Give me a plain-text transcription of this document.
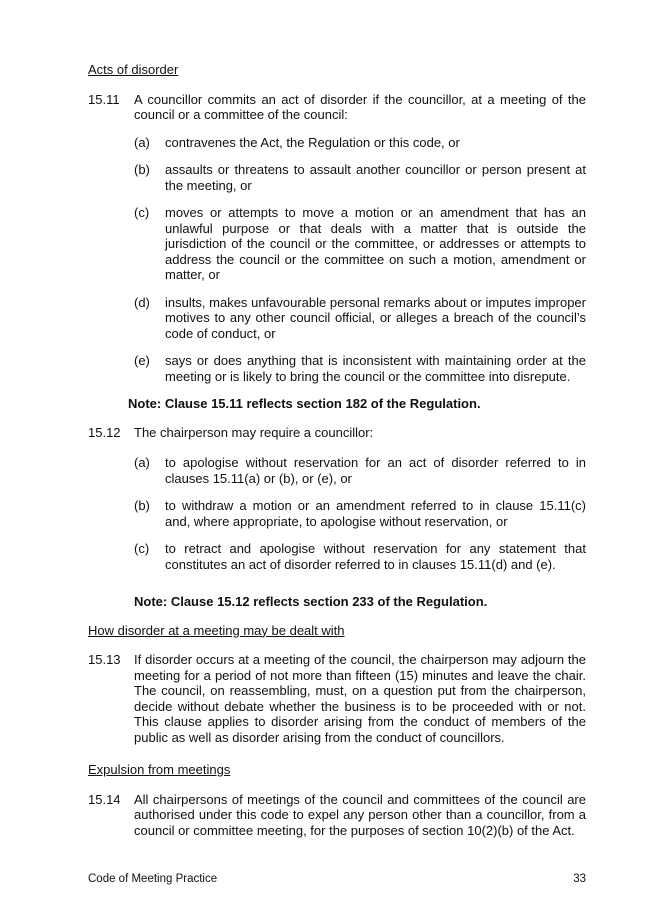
Acts of disorder

15.11	A councillor commits an act of disorder if the councillor, at a meeting of the council or a committee of the council:
(a)	contravenes the Act, the Regulation or this code, or
(b)	assaults or threatens to assault another councillor or person present at the meeting, or
(c)	moves or attempts to move a motion or an amendment that has an unlawful purpose or that deals with a matter that is outside the jurisdiction of the council or the committee, or addresses or attempts to address the council or the committee on such a motion, amendment or matter, or
(d)	insults, makes unfavourable personal remarks about or imputes improper motives to any other council official, or alleges a breach of the council’s code of conduct, or
(e)	says or does anything that is inconsistent with maintaining order at the meeting or is likely to bring the council or the committee into disrepute.

Note: Clause 15.11 reflects section 182 of the Regulation.

15.12	The chairperson may require a councillor:
(a)	to apologise without reservation for an act of disorder referred to in clauses 15.11(a) or (b), or (e), or
(b)	to withdraw a motion or an amendment referred to in clause 15.11(c) and, where appropriate, to apologise without reservation, or
(c)	to retract and apologise without reservation for any statement that constitutes an act of disorder referred to in clauses 15.11(d) and (e).

Note: Clause 15.12 reflects section 233 of the Regulation.

How disorder at a meeting may be dealt with

15.13	If disorder occurs at a meeting of the council, the chairperson may adjourn the meeting for a period of not more than fifteen (15) minutes and leave the chair. The council, on reassembling, must, on a question put from the chairperson, decide without debate whether the business is to be proceeded with or not. This clause applies to disorder arising from the conduct of members of the public as well as disorder arising from the conduct of councillors.

Expulsion from meetings

15.14	All chairpersons of meetings of the council and committees of the council are authorised under this code to expel any person other than a councillor, from a council or committee meeting, for the purposes of section 10(2)(b) of the Act.
Code of Meeting Practice	33
